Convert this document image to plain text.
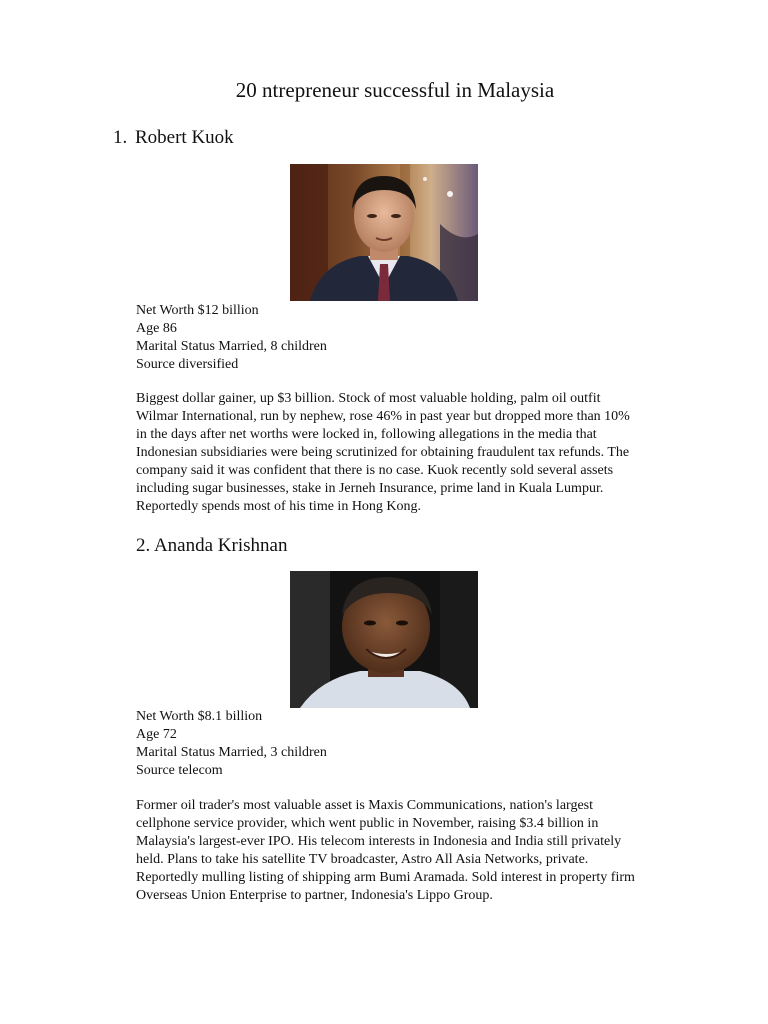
20 ntrepreneur successful in Malaysia
1. Robert Kuok
Net Worth $12 billion
Age 86
Marital Status Married, 8 children
Source diversified
Biggest dollar gainer, up $3 billion. Stock of most valuable holding, palm oil outfit
Wilmar International, run by nephew, rose 46% in past year but dropped more than 10%
in the days after net worths were locked in, following allegations in the media that
Indonesian subsidiaries were being scrutinized for obtaining fraudulent tax refunds. The
company said it was confident that there is no case. Kuok recently sold several assets
including sugar businesses, stake in Jerneh Insurance, prime land in Kuala Lumpur.
Reportedly spends most of his time in Hong Kong.
2. Ananda Krishnan
Net Worth $8.1 billion
Age 72
Marital Status Married, 3 children
Source telecom
Former oil trader's most valuable asset is Maxis Communications, nation's largest
cellphone service provider, which went public in November, raising $3.4 billion in
Malaysia's largest-ever IPO. His telecom interests in Indonesia and India still privately
held. Plans to take his satellite TV broadcaster, Astro All Asia Networks, private.
Reportedly mulling listing of shipping arm Bumi Aramada. Sold interest in property firm
Overseas Union Enterprise to partner, Indonesia's Lippo Group.
